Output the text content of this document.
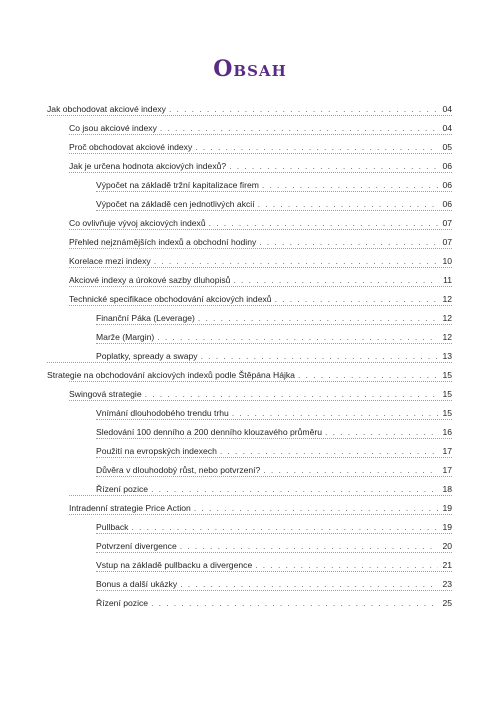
Obsah
Jak obchodovat akciové indexy . . .	04
Co jsou akciové indexy . . .	04
Proč obchodovat akciové indexy . . .	05
Jak je určena hodnota akciových indexů? . . .	06
Výpočet na základě tržní kapitalizace firem . . .	06
Výpočet na základě cen jednotlivých akcií . . .	06
Co ovlivňuje vývoj akciových indexů . . .	07
Přehled nejznámějších indexů a obchodní hodiny . . .	07
Korelace mezi indexy . . .	10
Akciové indexy a úrokové sazby dluhopisů . . .	11
Technické specifikace obchodování akciových indexů . . .	12
Finanční Páka (Leverage) . . .	12
Marže (Margin) . . .	12
Poplatky, spready a swapy . . .	13
Strategie na obchodování akciových indexů podle Štěpána Hájka . . .	15
Swingová strategie . . .	15
Vnímání dlouhodobého trendu trhu . . .	15
Sledování 100 denního a 200 denního klouzavého průměru . . .	16
Použití na evropských indexech . . .	17
Důvěra v dlouhodobý růst, nebo potvrzení? . . .	17
Řízení pozice . . .	18
Intradenní strategie Price Action . . .	19
Pullback . . .	19
Potvrzení divergence . . .	20
Vstup na základě pullbacku a divergence . . .	21
Bonus a další ukázky . . .	23
Řízení pozice . . .	25
